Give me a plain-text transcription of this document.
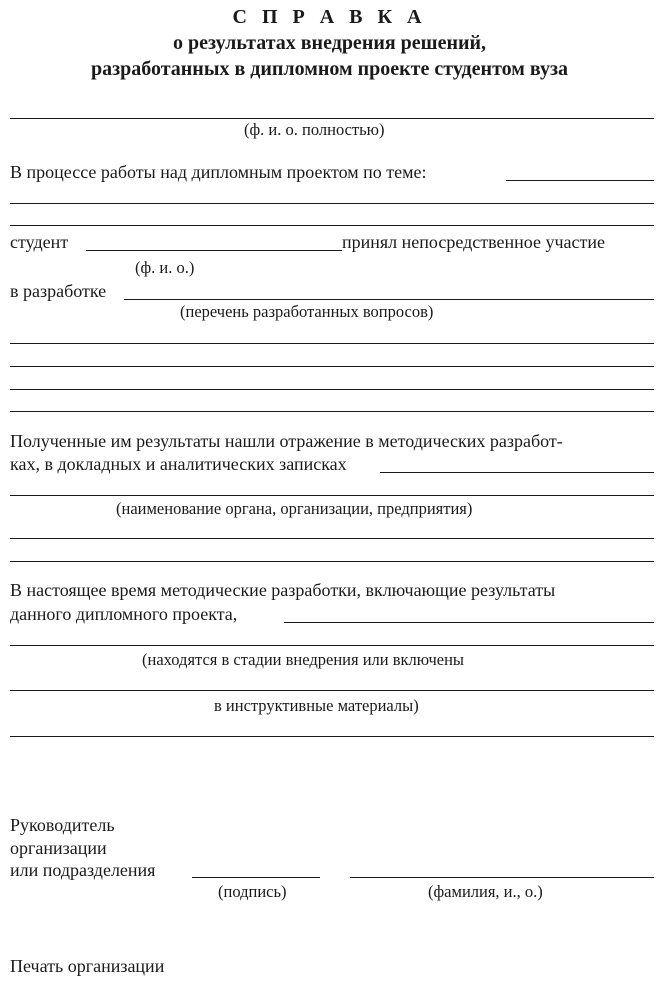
С П Р А В К А
о результатах внедрения решений,
разработанных в дипломном проекте студентом вуза
(ф. и. о. полностью)
В процессе работы над дипломным проектом по теме:
студент	принял непосредственное участие
(ф. и. о.)
в разработке
(перечень разработанных вопросов)
Полученные им результаты нашли отражение в методических разработ-
ках, в докладных и аналитических записках
(наименование органа, организации, предприятия)
В настоящее время методические разработки, включающие результаты
данного дипломного проекта,
(находятся в стадии внедрения или включены
в инструктивные материалы)
Руководитель
организации
или подразделения
(подпись)	(фамилия, и., о.)
Печать организации
